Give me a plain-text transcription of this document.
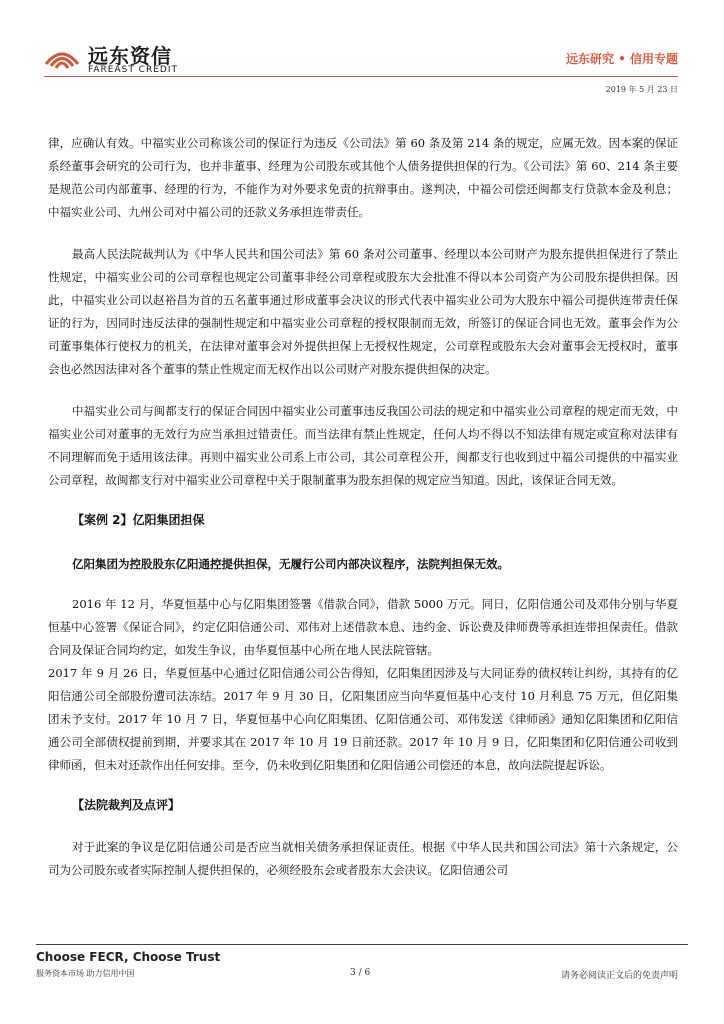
远东资信
FAREAST CREDIT
远东研究 • 信用专题
2019 年 5 月 23 日

律，应确认有效。中福实业公司称该公司的保证行为违反《公司法》第 60 条及第 214 条的规定，应属无效。因本案的保证系经董事会研究的公司行为，也并非董事、经理为公司股东或其他个人债务提供担保的行为。《公司法》第 60、214 条主要是规范公司内部董事、经理的行为，不能作为对外要求免责的抗辩事由。遂判决，中福公司偿还闽都支行贷款本金及利息；中福实业公司、九州公司对中福公司的还款义务承担连带责任。

最高人民法院裁判认为《中华人民共和国公司法》第 60 条对公司董事、经理以本公司财产为股东提供担保进行了禁止性规定，中福实业公司的公司章程也规定公司董事非经公司章程或股东大会批准不得以本公司资产为公司股东提供担保。因此，中福实业公司以赵裕昌为首的五名董事通过形成董事会决议的形式代表中福实业公司为大股东中福公司提供连带责任保证的行为，因同时违反法律的强制性规定和中福实业公司章程的授权限制而无效，所签订的保证合同也无效。董事会作为公司董事集体行使权力的机关，在法律对董事会对外提供担保上无授权性规定，公司章程或股东大会对董事会无授权时，董事会也必然因法律对各个董事的禁止性规定而无权作出以公司财产对股东提供担保的决定。

中福实业公司与闽都支行的保证合同因中福实业公司董事违反我国公司法的规定和中福实业公司章程的规定而无效，中福实业公司对董事的无效行为应当承担过错责任。而当法律有禁止性规定，任何人均不得以不知法律有规定或宣称对法律有不同理解而免于适用该法律。再则中福实业公司系上市公司，其公司章程公开，闽都支行也收到过中福公司提供的中福实业公司章程，故闽都支行对中福实业公司章程中关于限制董事为股东担保的规定应当知道。因此，该保证合同无效。

【案例 2】亿阳集团担保
亿阳集团为控股股东亿阳通控提供担保，无履行公司内部决议程序，法院判担保无效。

2016 年 12 月，华夏恒基中心与亿阳集团签署《借款合同》，借款 5000 万元。同日，亿阳信通公司及邓伟分别与华夏恒基中心签署《保证合同》，约定亿阳信通公司、邓伟对上述借款本息、违约金、诉讼费及律师费等承担连带担保责任。借款合同及保证合同均约定，如发生争议，由华夏恒基中心所在地人民法院管辖。

2017 年 9 月 26 日，华夏恒基中心通过亿阳信通公司公告得知，亿阳集团因涉及与大同证券的债权转让纠纷，其持有的亿阳信通公司全部股份遭司法冻结。2017 年 9 月 30 日，亿阳集团应当向华夏恒基中心支付 10 月利息 75 万元，但亿阳集团未予支付。2017 年 10 月 7 日，华夏恒基中心向亿阳集团、亿阳信通公司、邓伟发送《律师函》通知亿阳集团和亿阳信通公司全部债权提前到期，并要求其在 2017 年 10 月 19 日前还款。2017 年 10 月 9 日，亿阳集团和亿阳信通公司收到律师函，但未对还款作出任何安排。至今，仍未收到亿阳集团和亿阳信通公司偿还的本息，故向法院提起诉讼。

【法院裁判及点评】

对于此案的争议是亿阳信通公司是否应当就相关债务承担保证责任。根据《中华人民共和国公司法》第十六条规定，公司为公司股东或者实际控制人提供担保的，必须经股东会或者股东大会决议。亿阳信通公司

Choose FECR, Choose Trust
服务资本市场 助力信用中国	3 / 6	请务必阅读正文后的免责声明
